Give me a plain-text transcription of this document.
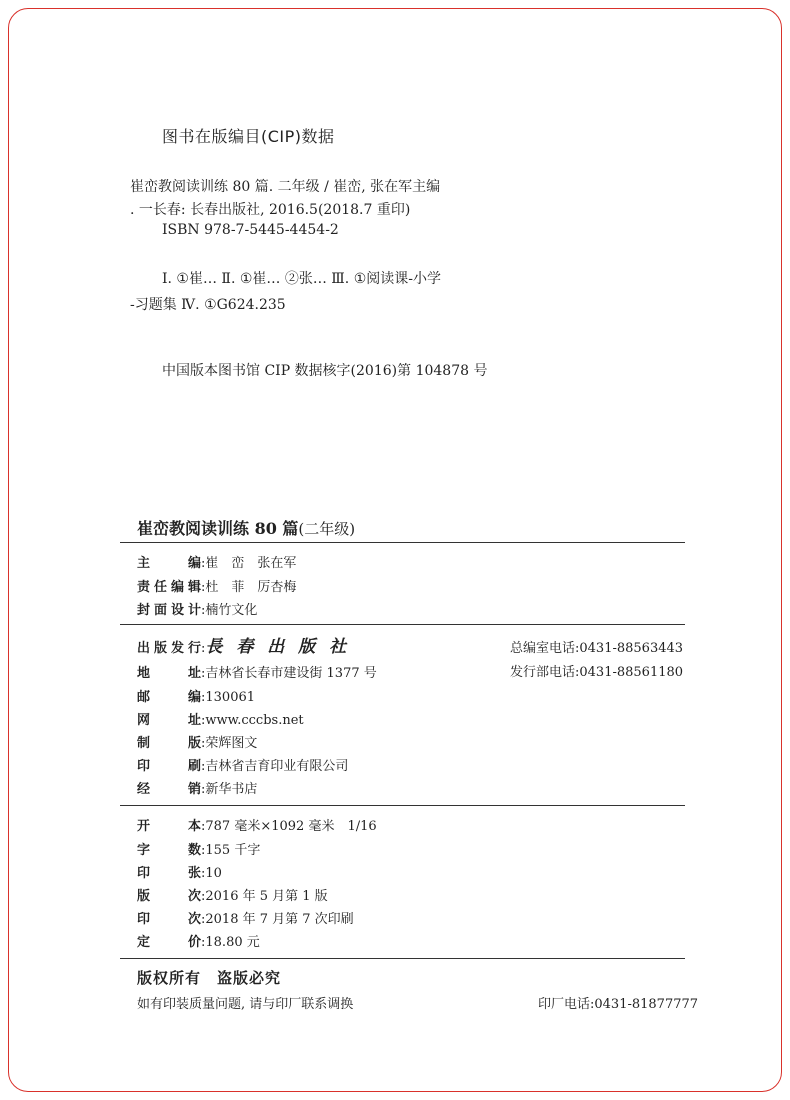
图书在版编目(CIP)数据
崔峦教阅读训练 80 篇. 二年级 / 崔峦, 张在军主编
. 一长春: 长春出版社, 2016.5(2018.7 重印)
ISBN 978-7-5445-4454-2
Ⅰ. ①崔… Ⅱ. ①崔… ②张… Ⅲ. ①阅读课-小学
-习题集 Ⅳ. ①G624.235
中国版本图书馆 CIP 数据核字(2016)第 104878 号
崔峦教阅读训练 80 篇(二年级)
主编:崔　峦　张在军
责任编辑:杜　菲　厉杏梅
封面设计:楠竹文化
出版发行:長 春 出 版 社	总编室电话:0431-88563443
发行部电话:0431-88561180
地址:吉林省长春市建设街 1377 号
邮编:130061
网址:www.cccbs.net
制版:荣辉图文
印刷:吉林省吉育印业有限公司
经销:新华书店
开本:787 毫米×1092 毫米　1/16
字数:155 千字
印张:10
版次:2016 年 5 月第 1 版
印次:2018 年 7 月第 7 次印刷
定价:18.80 元
版权所有　盗版必究
如有印装质量问题, 请与印厂联系调换	印厂电话:0431-81877777
